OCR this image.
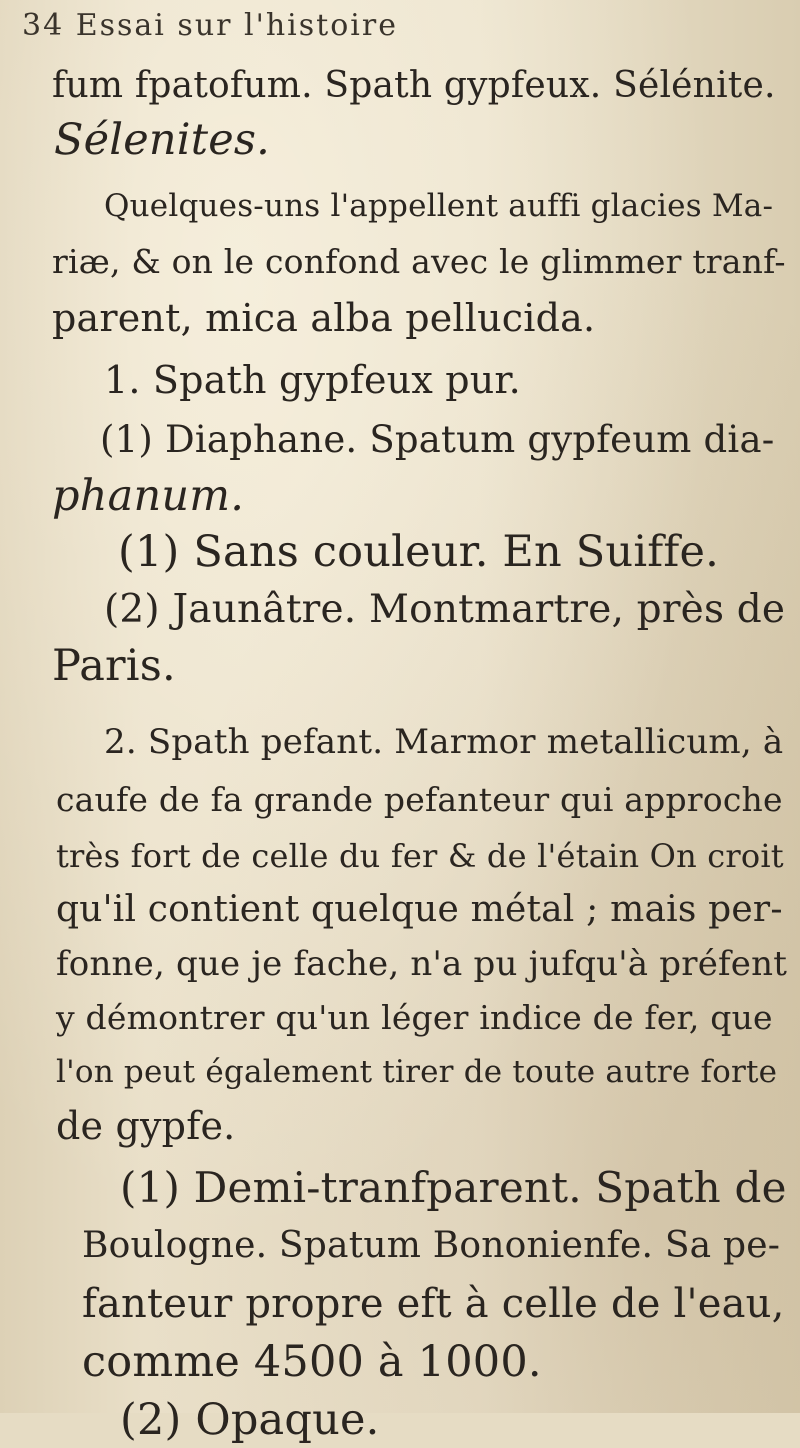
34 Essai sur l'histoire
fum fpatofum. Spath gypfeux. Sélénite.
Sélenites.
Quelques-uns l'appellent auffi glacies Ma-
riæ, & on le confond avec le glimmer tranf-
parent, mica alba pellucida.
1. Spath gypfeux pur.
(1) Diaphane. Spatum gypfeum dia-
phanum.
(1) Sans couleur. En Suiffe.
(2) Jaunâtre. Montmartre, près de
Paris.
2. Spath pefant. Marmor metallicum, à
caufe de fa grande pefanteur qui approche
très fort de celle du fer & de l'étain On croit
qu'il contient quelque métal ; mais per-
fonne, que je fache, n'a pu jufqu'à préfent
y démontrer qu'un léger indice de fer, que
l'on peut également tirer de toute autre forte
de gypfe.
(1) Demi-tranfparent. Spath de
Boulogne. Spatum Bononienfe. Sa pe-
fanteur propre eft à celle de l'eau,
comme 4500 à 1000.
(2) Opaque.
